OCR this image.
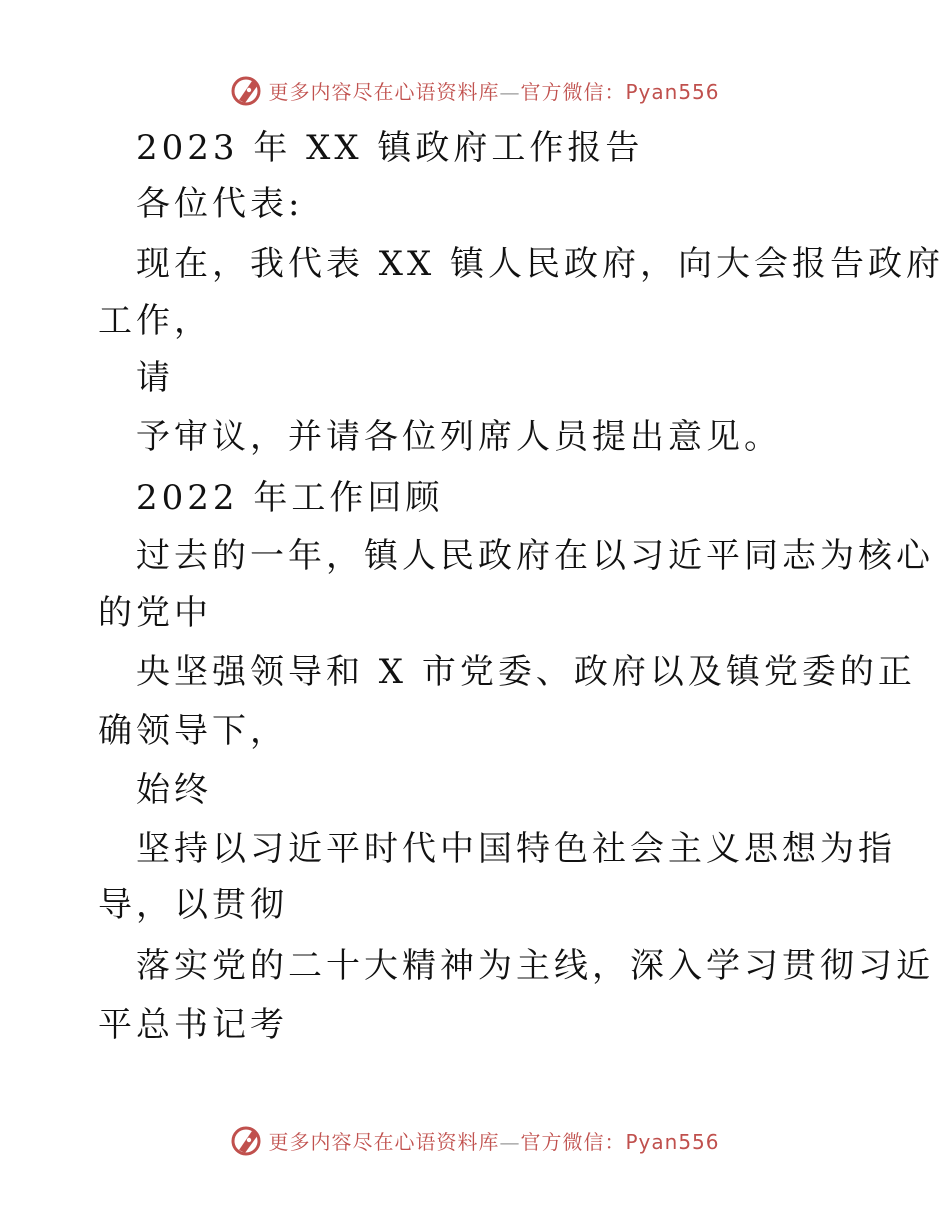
更多内容尽在心语资料库—官方微信：Pyan556
2023 年 XX 镇政府工作报告
各位代表:
现在，我代表 XX 镇人民政府，向大会报告政府
工作，
请
予审议，并请各位列席人员提出意见。
2022 年工作回顾
过去的一年，镇人民政府在以习近平同志为核心
的党中
央坚强领导和 X 市党委、政府以及镇党委的正
确领导下，
始终
坚持以习近平时代中国特色社会主义思想为指
导，以贯彻
落实党的二十大精神为主线，深入学习贯彻习近
平总书记考
更多内容尽在心语资料库—官方微信：Pyan556
